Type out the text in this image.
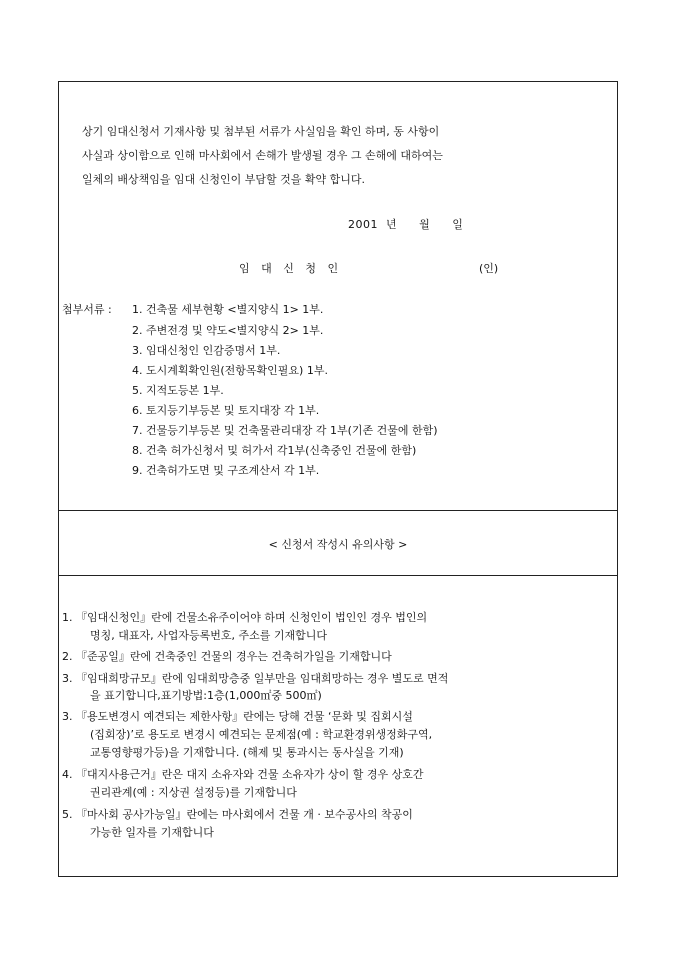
상기 임대신청서 기재사항 및 첨부된 서류가 사실임을 확인 하며, 동 사항이
사실과 상이함으로 인해 마사회에서 손해가 발생될 경우 그 손해에 대하여는
일체의 배상책임을 임대 신청인이 부담할 것을 확약 합니다.
2001 년 월 일
임 대 신 청 인	(인)
첨부서류 : 1. 건축물 세부현황 <별지양식 1> 1부.
2. 주변전경 및 약도<별지양식 2> 1부.
3. 임대신청인 인감증명서 1부.
4. 도시계획확인원(전항목확인필요) 1부.
5. 지적도등본 1부.
6. 토지등기부등본 및 토지대장 각 1부.
7. 건물등기부등본 및 건축물관리대장 각 1부(기존 건물에 한함)
8. 건축 허가신청서 및 허가서 각1부(신축중인 건물에 한함)
9. 건축허가도면 및 구조계산서 각 1부.
< 신청서 작성시 유의사항 >
1. 『임대신청인』란에 건물소유주이어야 하며 신청인이 법인인 경우 법인의
명칭, 대표자, 사업자등록번호, 주소를 기재합니다
2. 『준공일』란에 건축중인 건물의 경우는 건축허가일을 기재합니다
3. 『임대희망규모』란에 임대희망층중 일부만을 임대희망하는 경우 별도로 면적
을 표기합니다,표기방법:1층(1,000㎡중 500㎡)
3. 『용도변경시 예견되는 제한사항』란에는 당해 건물 ‘문화 및 집회시설
(집회장)’로 용도로 변경시 예견되는 문제점(예 : 학교환경위생정화구역,
교통영향평가등)을 기재합니다. (해제 및 통과시는 동사실을 기재)
4. 『대지사용근거』란은 대지 소유자와 건물 소유자가 상이 할 경우 상호간
권리관계(예 : 지상권 설정등)를 기재합니다
5. 『마사회 공사가능일』란에는 마사회에서 건물 개 · 보수공사의 착공이
가능한 일자를 기재합니다
